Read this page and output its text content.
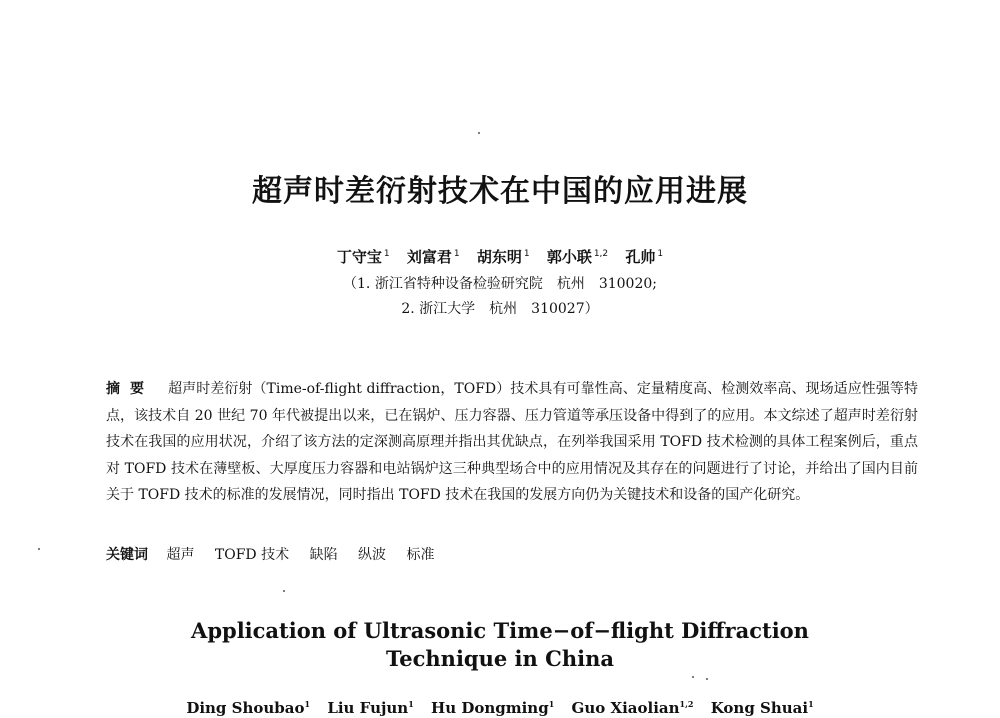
超声时差衍射技术在中国的应用进展
丁守宝 $^1$ 刘富君 $^1$ 胡东明 $^1$ 郭小联 $^{1,2}$ 孔帅 $^1$
（1. 浙江省特种设备检验研究院　杭州　310020;
2. 浙江大学　杭州　310027）
摘要 超声时差衍射（Time-of-flight diffraction，TOFD）技术具有可靠性高、定量精度高、检测效率高、现场适应性强等特点，该技术自 20 世纪 70 年代被提出以来，已在锅炉、压力容器、压力管道等承压设备中得到了的应用。本文综述了超声时差衍射技术在我国的应用状况，介绍了该方法的定深测高原理并指出其优缺点，在列举我国采用 TOFD 技术检测的具体工程案例后，重点对 TOFD 技术在薄壁板、大厚度压力容器和电站锅炉这三种典型场合中的应用情况及其存在的问题进行了讨论，并给出了国内目前关于 TOFD 技术的标准的发展情况，同时指出 TOFD 技术在我国的发展方向仍为关键技术和设备的国产化研究。
关键词 超声 TOFD 技术 缺陷 纵波 标准
Application of Ultrasonic Time−of−flight Diffraction
Technique in China
Ding Shoubao$^1$ Liu Fujun$^1$ Hu Dongming$^1$ Guo Xiaolian$^{1,2}$ Kong Shuai$^1$
